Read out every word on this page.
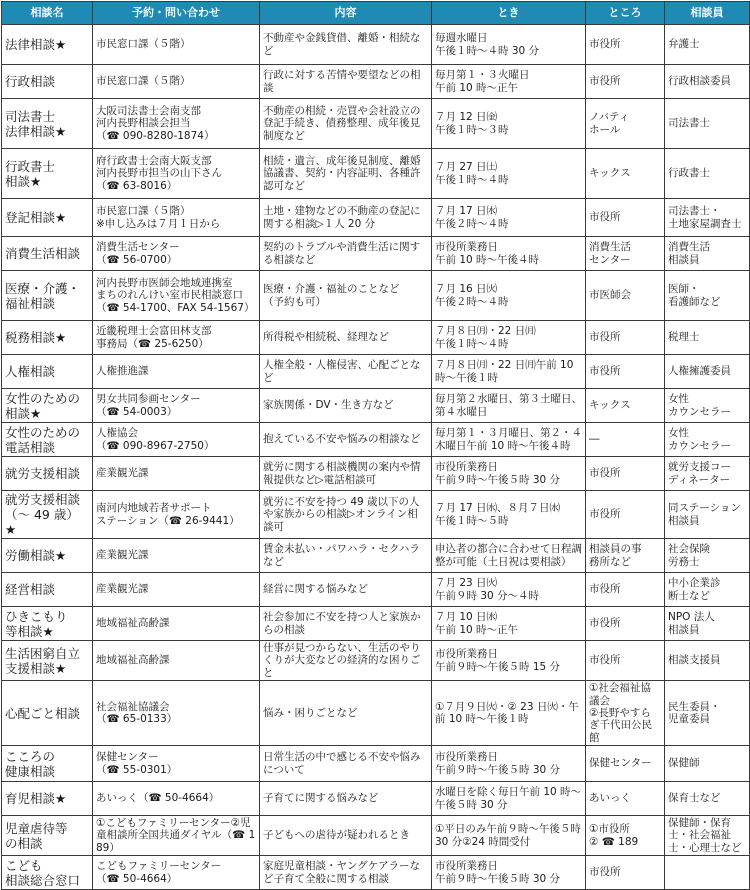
相談名	予約・問い合わせ	内容	とき	ところ	相談員
法律相談★	市民窓口課（５階）	不動産や金銭貸借、離婚・相続など	毎週水曜日
午後１時〜４時 30 分	市役所	弁護士
行政相談	市民窓口課（５階）	行政に対する苦情や要望などの相談	毎月第１・３火曜日
午前 10 時〜正午	市役所	行政相談委員
司法書士
法律相談★	大阪司法書士会南支部
河内長野相談会担当
（☎ 090-8280-1874）	不動産の相続・売買や会社設立の登記手続き、債務整理、成年後見制度など	７月 12 日㈮
午後１時〜３時	ノバティ
ホール	司法書士
行政書士
相談★	府行政書士会南大阪支部
河内長野市担当の山下さん
（☎ 63-8016）	相続・遺言、成年後見制度、離婚協議書、契約・内容証明、各種許認可など	７月 27 日㈯
午後１時〜４時	キックス	行政書士
登記相談★	市民窓口課（５階）
※申し込みは７月１日から	土地・建物などの不動産の登記に関する相談▷１人 20 分	７月 17 日㈬
午後２時〜４時	市役所	司法書士・
土地家屋調査士
消費生活相談	消費生活センター
（☎ 56-0700）	契約のトラブルや消費生活に関する相談など	市役所業務日
午前 10 時〜午後４時	消費生活
センター	消費生活
相談員
医療・介護・
福祉相談	河内長野市医師会地域連携室
まちのれんけい室市民相談窓口
（☎ 54-1700、FAX 54-1567）	医療・介護・福祉のことなど
（予約も可）	７月 16 日㈫
午後２時〜４時	市医師会	医師・
看護師など
税務相談★	近畿税理士会富田林支部
事務局（☎ 25-6250）	所得税や相続税、経理など	７月８日㈪・22 日㈪
午後１時〜４時	市役所	税理士
人権相談	人権推進課	人権全般・人権侵害、心配ごとなど	７月８日㈪・22 日㈪午前 10 時〜午後１時	市役所	人権擁護委員
女性のための
相談★	男女共同参画センター
（☎ 54-0003）	家族関係・DV・生き方など	毎月第２水曜日、第３土曜日、第４水曜日	キックス	女性
カウンセラー
女性のための
電話相談	人権協会
（☎ 090-8967-2750）	抱えている不安や悩みの相談など	毎月第１・３月曜日、第２・４木曜日午前 10 時〜午後４時	―	女性
カウンセラー
就労支援相談	産業観光課	就労に関する相談機関の案内や情報提供など▷電話相談可	市役所業務日
午前９時〜午後５時 30 分	市役所	就労支援コー
ディネーター
就労支援相談
（〜 49 歳）★	南河内地域若者サポート
ステーション（☎ 26-9441）	就労に不安を持つ 49 歳以下の人や家族からの相談▷オンライン相談可	７月 17 日㈬、８月７日㈬
午後１時〜５時	市役所	同ステーション
相談員
労働相談★	産業観光課	賃金未払い・パワハラ・セクハラなど	申込者の都合に合わせて日程調整が可能（土日祝は要相談）	相談員の事
務所など	社会保険
労務士
経営相談	産業観光課	経営に関する悩みなど	７月 23 日㈫
午前９時 30 分〜４時	市役所	中小企業診
断士など
ひきこもり
等相談★	地域福祉高齢課	社会参加に不安を持つ人と家族からの相談	７月 10 日㈬
午前 10 時〜正午	市役所	NPO 法人
相談員
生活困窮自立
支援相談★	地域福祉高齢課	仕事が見つからない、生活のやりくりが大変などの経済的な困りごと	市役所業務日
午前９時〜午後５時 15 分	市役所	相談支援員
心配ごと相談	社会福祉協議会
（☎ 65-0133）	悩み・困りごとなど	①７月９日㈫・② 23 日㈫・午前 10 時〜午後１時	①社会福祉協議会
②長野やすらぎ千代田公民館	民生委員・
児童委員
こころの
健康相談	保健センター
（☎ 55-0301）	日常生活の中で感じる不安や悩みについて	市役所業務日
午前９時〜午後５時 30 分	保健センター	保健師
育児相談★	あいっく（☎ 50-4664）	子育てに関する悩みなど	水曜日を除く毎日午前 10 時〜午後５時 30 分	あいっく	保育士など
児童虐待等
の相談	①こどもファミリーセンター②児童相談所全国共通ダイヤル（☎ 189）	子どもへの虐待が疑われるとき	①平日のみ午前９時〜午後５時 30 分②24 時間受付	①市役所
② ☎ 189	保健師・保育士・社会福祉士・心理士など
こども
相談総合窓口	こどもファミリーセンター
（☎ 50-4664）	家庭児童相談・ヤングケアラーなど子育て全般に関する相談	市役所業務日
午前９時〜午後５時 30 分	市役所	
